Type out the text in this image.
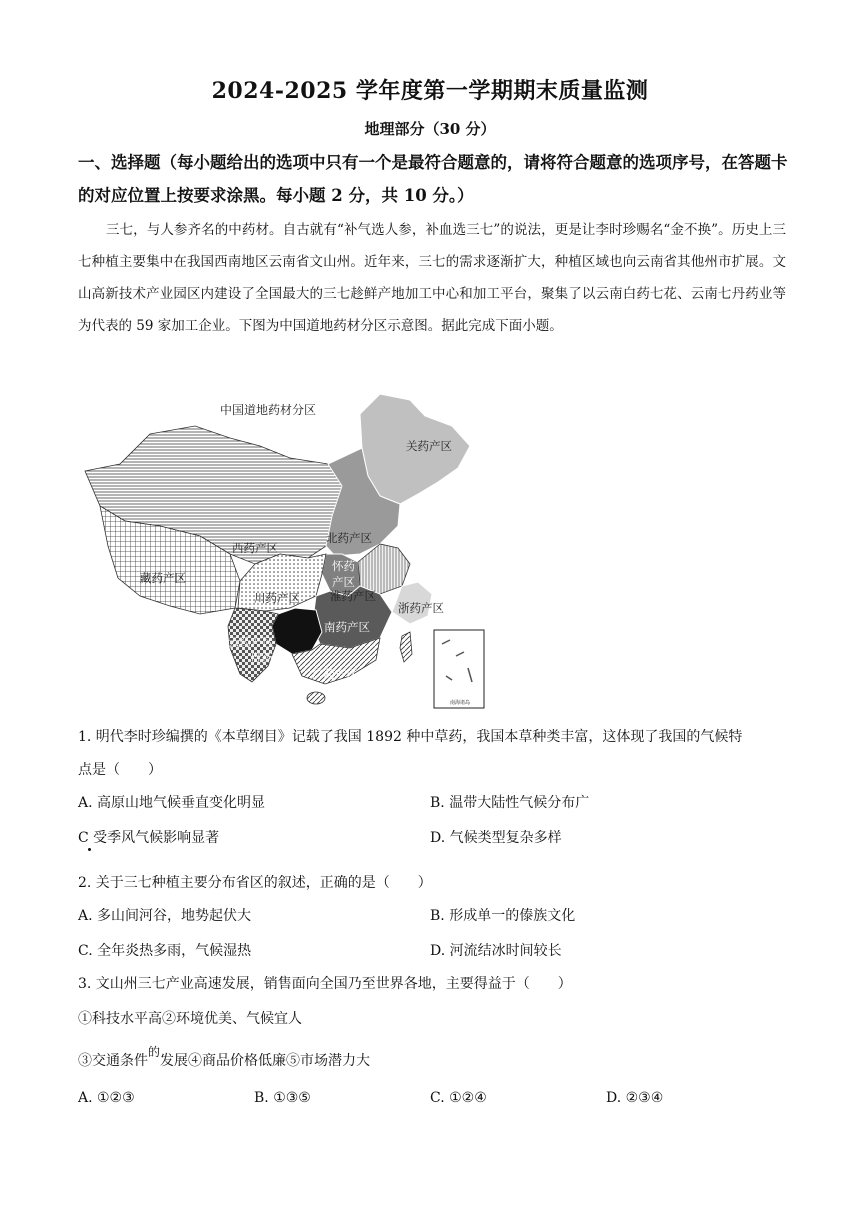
2024-2025 学年度第一学期期末质量监测
地理部分（30 分）
一、选择题（每小题给出的选项中只有一个是最符合题意的，请将符合题意的选项序号，在答题卡的对应位置上按要求涂黑。每小题 2 分，共 10 分。）
三七，与人参齐名的中药材。自古就有“补气选人参，补血选三七”的说法，更是让李时珍赐名“金不换”。历史上三七种植主要集中在我国西南地区云南省文山州。近年来，三七的需求逐渐扩大，种植区域也向云南省其他州市扩展。文山高新技术产业园区内建设了全国最大的三七趁鲜产地加工中心和加工平台，聚集了以云南白药七花、云南七丹药业等为代表的 59 家加工企业。下图为中国道地药材分区示意图。据此完成下面小题。
中国道地药材分区
关药产区
北药产区
西药产区
藏药产区
川药产区
怀药
产区
淮药产区
浙药产区
南药产区
云药产区
贵药
广药产区
南海诸岛
1. 明代李时珍编撰的《本草纲目》记载了我国 1892 种中草药，我国本草种类丰富，这体现了我国的气候特
点是（　　）
A. 高原山地气候垂直变化明显	B. 温带大陆性气候分布广
C 受季风气候影响显著	D. 气候类型复杂多样
2. 关于三七种植主要分布省区的叙述，正确的是（　　）
A. 多山间河谷，地势起伏大	B. 形成单一的傣族文化
C. 全年炎热多雨，气候湿热	D. 河流结冰时间较长
3. 文山州三七产业高速发展，销售面向全国乃至世界各地，主要得益于（　　）
①科技水平高②环境优美、气候宜人
③交通条件的发展④商品价格低廉⑤市场潜力大
A. ①②③	B. ①③⑤	C. ①②④	D. ②③④
